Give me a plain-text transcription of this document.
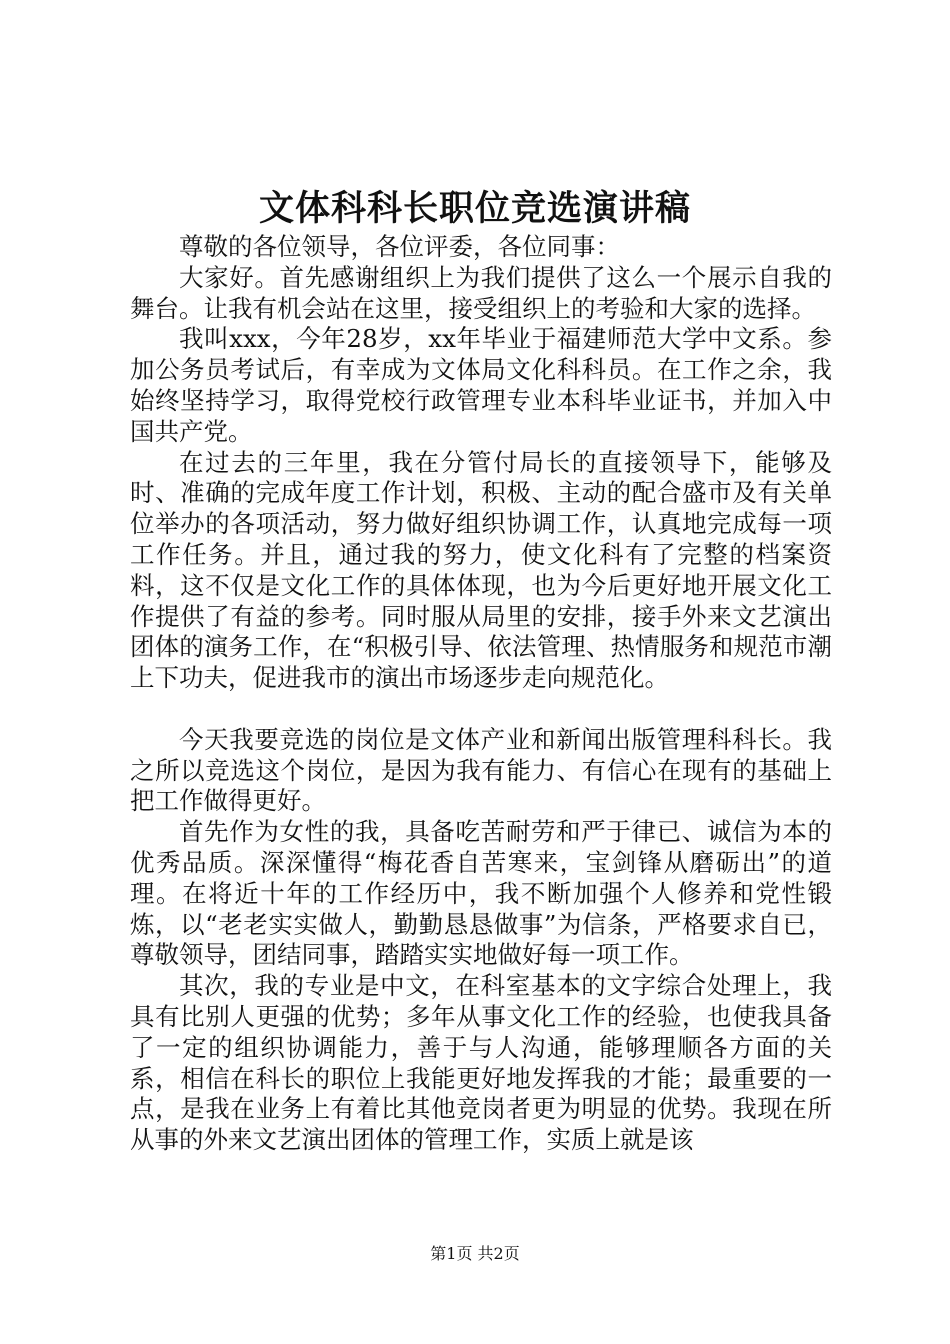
文体科科长职位竞选演讲稿

尊敬的各位领导，各位评委，各位同事：

大家好。首先感谢组织上为我们提供了这么一个展示自我的舞台。让我有机会站在这里，接受组织上的考验和大家的选择。

我叫xxx，今年28岁，xx年毕业于福建师范大学中文系。参加公务员考试后，有幸成为文体局文化科科员。在工作之余，我始终坚持学习，取得党校行政管理专业本科毕业证书，并加入中国共产党。

在过去的三年里，我在分管付局长的直接领导下，能够及时、准确的完成年度工作计划，积极、主动的配合盛市及有关单位举办的各项活动，努力做好组织协调工作，认真地完成每一项工作任务。并且，通过我的努力，使文化科有了完整的档案资料，这不仅是文化工作的具体体现，也为今后更好地开展文化工作提供了有益的参考。同时服从局里的安排，接手外来文艺演出团体的演务工作，在“积极引导、依法管理、热情服务和规范市潮上下功夫，促进我市的演出市场逐步走向规范化。

今天我要竞选的岗位是文体产业和新闻出版管理科科长。我之所以竞选这个岗位，是因为我有能力、有信心在现有的基础上把工作做得更好。

首先作为女性的我，具备吃苦耐劳和严于律已、诚信为本的优秀品质。深深懂得“梅花香自苦寒来，宝剑锋从磨砺出”的道理。在将近十年的工作经历中，我不断加强个人修养和党性锻炼，以“老老实实做人，勤勤恳恳做事”为信条，严格要求自已，尊敬领导，团结同事，踏踏实实地做好每一项工作。

其次，我的专业是中文，在科室基本的文字综合处理上，我具有比别人更强的优势；多年从事文化工作的经验，也使我具备了一定的组织协调能力，善于与人沟通，能够理顺各方面的关系，相信在科长的职位上我能更好地发挥我的才能；最重要的一点，是我在业务上有着比其他竞岗者更为明显的优势。我现在所从事的外来文艺演出团体的管理工作，实质上就是该

第1页 共2页
